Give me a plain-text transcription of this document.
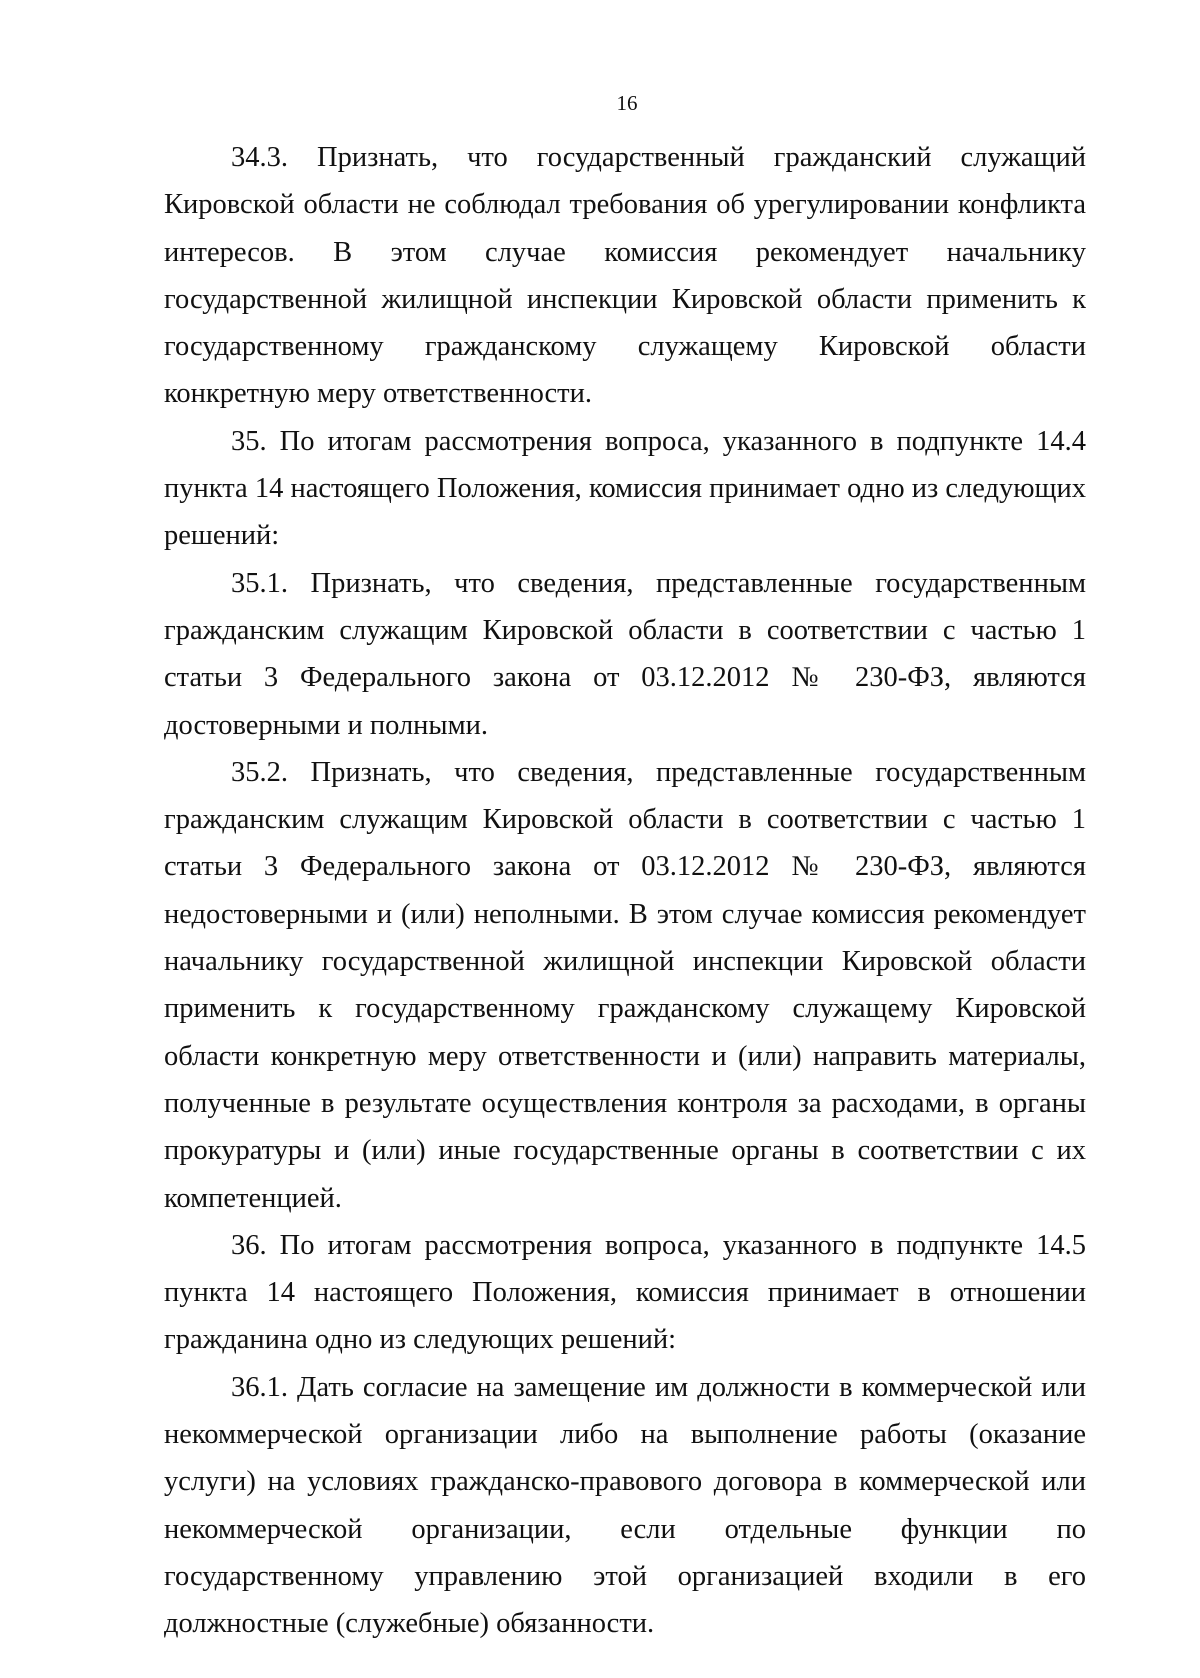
16

34.3. Признать, что государственный гражданский служащий Кировской области не соблюдал требования об урегулировании конфликта интересов. В этом случае комиссия рекомендует начальнику государственной жилищной инспекции Кировской области применить к государственному гражданскому служащему Кировской области конкретную меру ответственности.

35. По итогам рассмотрения вопроса, указанного в подпункте 14.4 пункта 14 настоящего Положения, комиссия принимает одно из следующих решений:

35.1. Признать, что сведения, представленные государственным гражданским служащим Кировской области в соответствии с частью 1 статьи 3 Федерального закона от 03.12.2012 № 230-ФЗ, являются достоверными и полными.

35.2. Признать, что сведения, представленные государственным гражданским служащим Кировской области в соответствии с частью 1 статьи 3 Федерального закона от 03.12.2012 № 230-ФЗ, являются недостоверными и (или) неполными. В этом случае комиссия рекомендует начальнику государственной жилищной инспекции Кировской области применить к государственному гражданскому служащему Кировской области конкретную меру ответственности и (или) направить материалы, полученные в результате осуществления контроля за расходами, в органы прокуратуры и (или) иные государственные органы в соответствии с их компетенцией.

36. По итогам рассмотрения вопроса, указанного в подпункте 14.5 пункта 14 настоящего Положения, комиссия принимает в отношении гражданина одно из следующих решений:

36.1. Дать согласие на замещение им должности в коммерческой или некоммерческой организации либо на выполнение работы (оказание услуги) на условиях гражданско-правового договора в коммерческой или некоммерческой организации, если отдельные функции по государственному управлению этой организацией входили в его должностные (служебные) обязанности.
